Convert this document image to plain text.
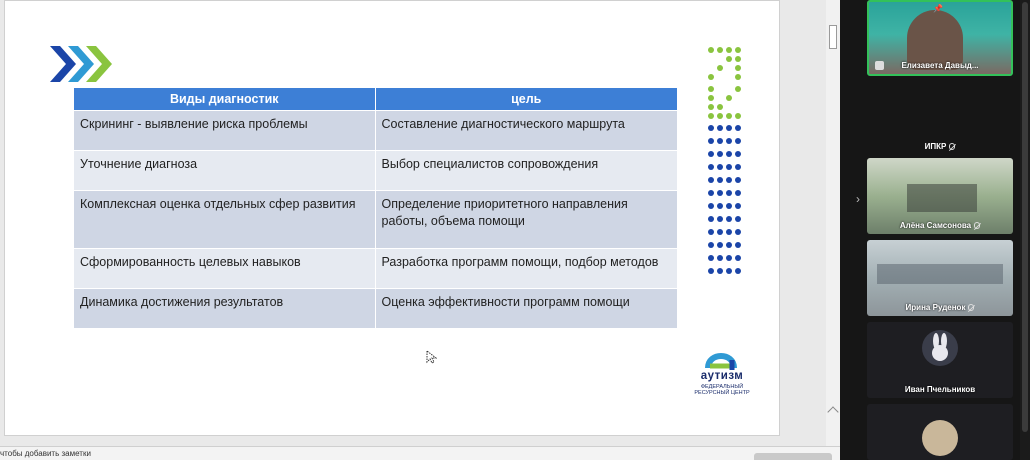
Виды диагностик	цель
Скрининг - выявление риска проблемы	Составление диагностического маршрута
Уточнение диагноза	Выбор специалистов сопровождения
Комплексная оценка отдельных сфер развития	Определение приоритетного направления работы, объема помощи
Сформированность целевых навыков	Разработка программ помощи, подбор методов
Динамика достижения результатов	Оценка эффективности программ помощи
аутизм
ФЕДЕРАЛЬНЫЙ
РЕСУРСНЫЙ ЦЕНТР
чтобы добавить заметки
›
📌
Елизавета Давыд...
ИПКР
Алёна Самсонова
Ирина Руденок
Иван Пчельников
